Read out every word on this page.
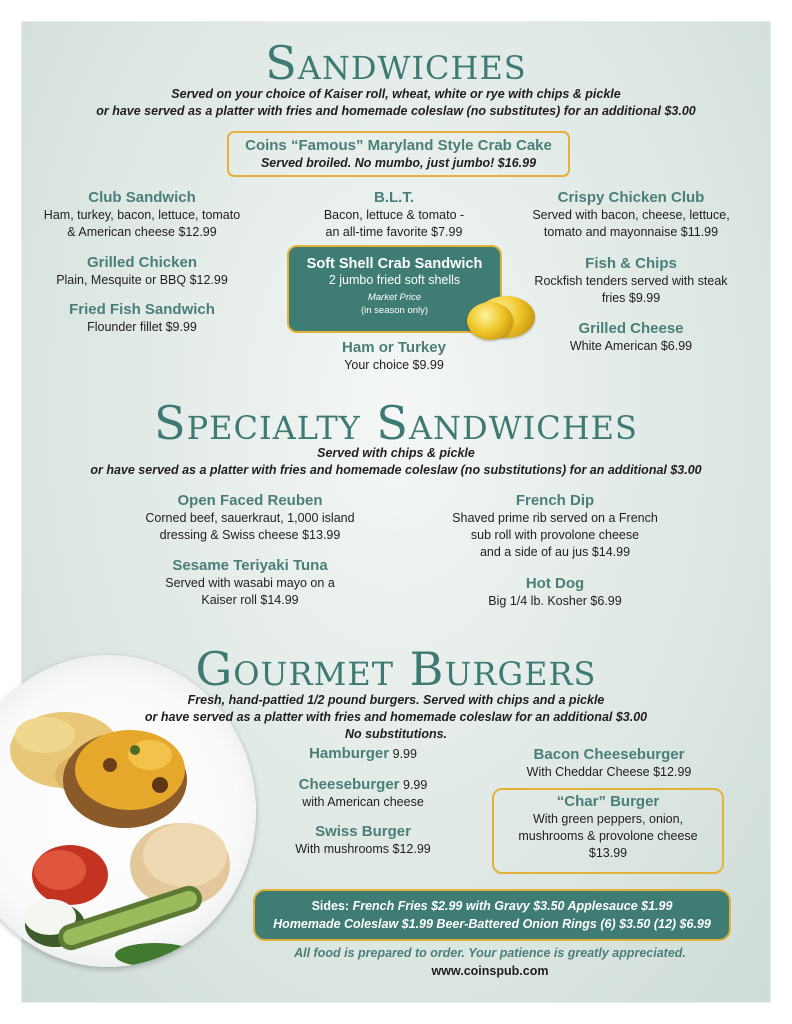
Sandwiches
Served on your choice of Kaiser roll, wheat, white or rye with chips & pickle
or have served as a platter with fries and homemade coleslaw (no substitutes) for an additional $3.00
Coins “Famous” Maryland Style Crab Cake
Served broiled. No mumbo, just jumbo! $16.99
Club Sandwich
Ham, turkey, bacon, lettuce, tomato
& American cheese $12.99
Grilled Chicken
Plain, Mesquite or BBQ $12.99
Fried Fish Sandwich
Flounder fillet $9.99
B.L.T.
Bacon, lettuce & tomato -
an all-time favorite $7.99
Soft Shell Crab Sandwich
2 jumbo fried soft shells
Market Price
(in season only)
Ham or Turkey
Your choice $9.99
Crispy Chicken Club
Served with bacon, cheese, lettuce,
tomato and mayonnaise $11.99
Fish & Chips
Rockfish tenders served with steak
fries $9.99
Grilled Cheese
White American $6.99
Specialty Sandwiches
Served with chips & pickle
or have served as a platter with fries and homemade coleslaw (no substitutions) for an additional $3.00
Open Faced Reuben
Corned beef, sauerkraut, 1,000 island
dressing & Swiss cheese $13.99
Sesame Teriyaki Tuna
Served with wasabi mayo on a
Kaiser roll $14.99
French Dip
Shaved prime rib served on a French
sub roll with provolone cheese
and a side of au jus $14.99
Hot Dog
Big 1/4 lb. Kosher $6.99
Gourmet Burgers
Fresh, hand-pattied 1/2 pound burgers. Served with chips and a pickle
or have served as a platter with fries and homemade coleslaw for an additional $3.00
No substitutions.
Hamburger 9.99
Cheeseburger 9.99
with American cheese
Swiss Burger
With mushrooms $12.99
Bacon Cheeseburger
With Cheddar Cheese $12.99
“Char” Burger
With green peppers, onion,
mushrooms & provolone cheese
$13.99
Sides: French Fries $2.99 with Gravy $3.50 Applesauce $1.99
Homemade Coleslaw $1.99 Beer-Battered Onion Rings (6) $3.50 (12) $6.99
All food is prepared to order. Your patience is greatly appreciated.
www.coinspub.com
